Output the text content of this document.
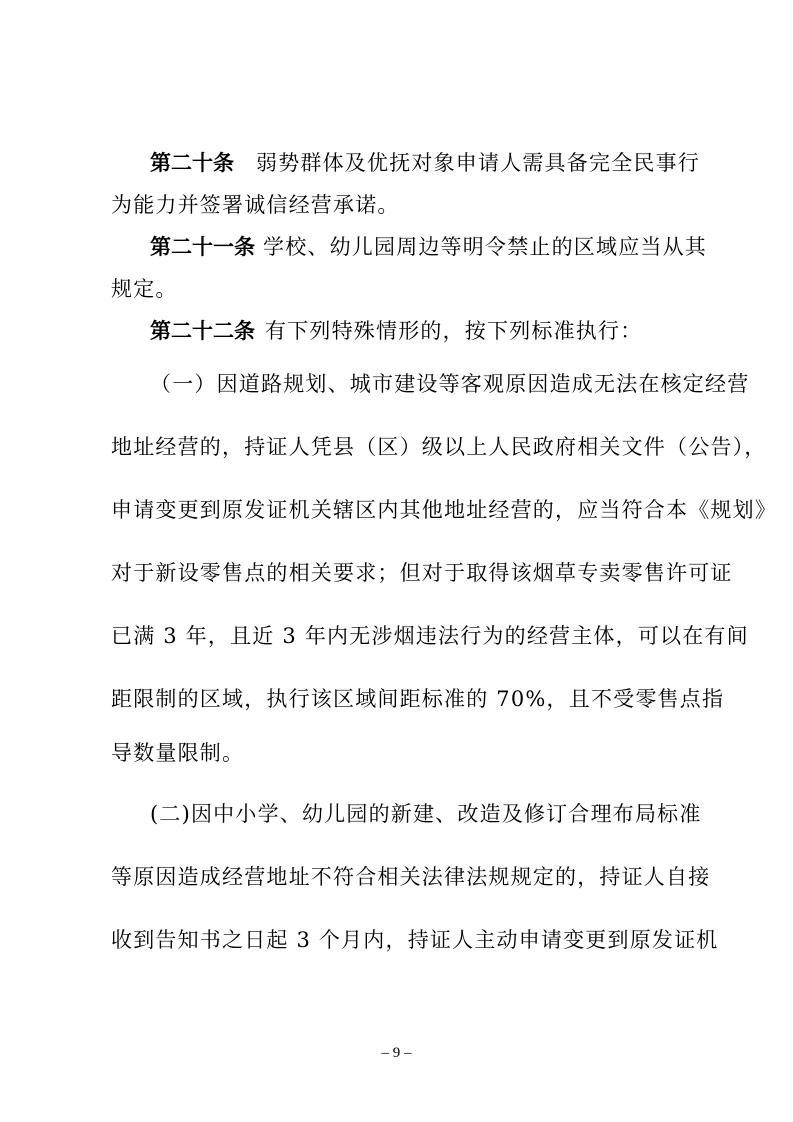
第二十条 弱势群体及优抚对象申请人需具备完全民事行
为能力并签署诚信经营承诺。
第二十一条 学校、幼儿园周边等明令禁止的区域应当从其
规定。
第二十二条 有下列特殊情形的，按下列标准执行：
（一）因道路规划、城市建设等客观原因造成无法在核定经营
地址经营的，持证人凭县（区）级以上人民政府相关文件（公告），
申请变更到原发证机关辖区内其他地址经营的，应当符合本《规划》
对于新设零售点的相关要求；但对于取得该烟草专卖零售许可证
已满 3 年，且近 3 年内无涉烟违法行为的经营主体，可以在有间
距限制的区域，执行该区域间距标准的 70%，且不受零售点指
导数量限制。
(二)因中小学、幼儿园的新建、改造及修订合理布局标准
等原因造成经营地址不符合相关法律法规规定的，持证人自接
收到告知书之日起 3 个月内，持证人主动申请变更到原发证机
– 9 –
